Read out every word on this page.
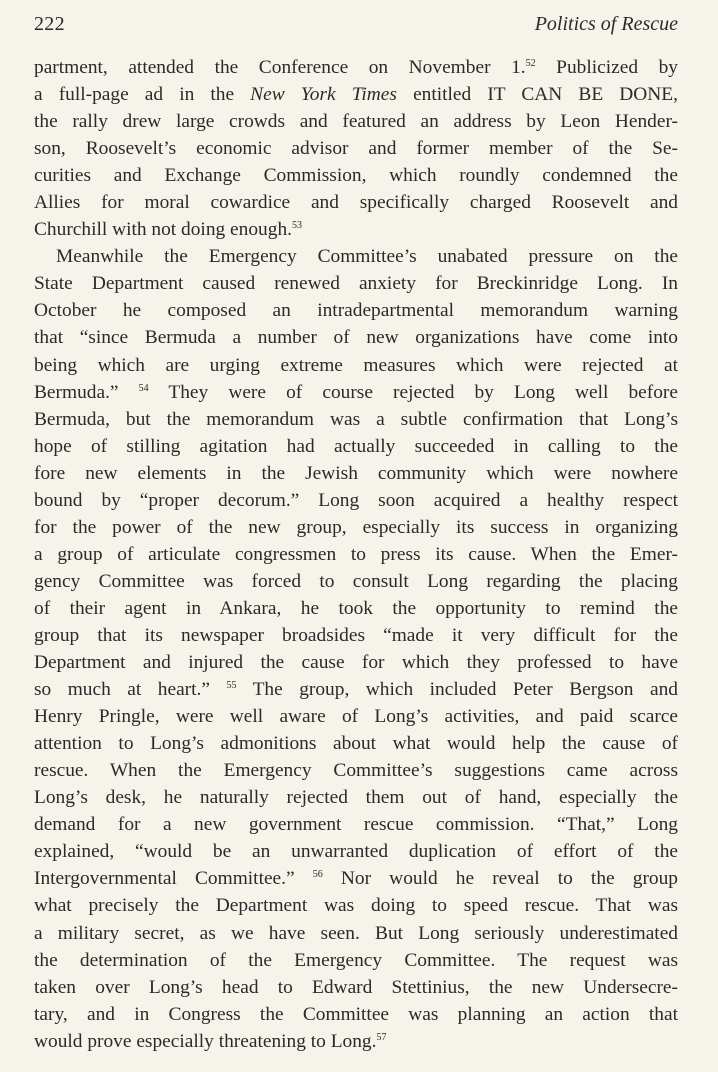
222	Politics of Rescue
partment, attended the Conference on November 1.52 Publicized by
a full-page ad in the New York Times entitled IT CAN BE DONE,
the rally drew large crowds and featured an address by Leon Hender-
son, Roosevelt’s economic advisor and former member of the Se-
curities and Exchange Commission, which roundly condemned the
Allies for moral cowardice and specifically charged Roosevelt and
Churchill with not doing enough.$^{53}$
Meanwhile the Emergency Committee’s unabated pressure on the
State Department caused renewed anxiety for Breckinridge Long. In
October he composed an intradepartmental memorandum warning
that “since Bermuda a number of new organizations have come into
being which are urging extreme measures which were rejected at
Bermuda.” $^{54}$ They were of course rejected by Long well before
Bermuda, but the memorandum was a subtle confirmation that Long’s
hope of stilling agitation had actually succeeded in calling to the
fore new elements in the Jewish community which were nowhere
bound by “proper decorum.” Long soon acquired a healthy respect
for the power of the new group, especially its success in organizing
a group of articulate congressmen to press its cause. When the Emer-
gency Committee was forced to consult Long regarding the placing
of their agent in Ankara, he took the opportunity to remind the
group that its newspaper broadsides “made it very difficult for the
Department and injured the cause for which they professed to have
so much at heart.” $^{55}$ The group, which included Peter Bergson and
Henry Pringle, were well aware of Long’s activities, and paid scarce
attention to Long’s admonitions about what would help the cause of
rescue. When the Emergency Committee’s suggestions came across
Long’s desk, he naturally rejected them out of hand, especially the
demand for a new government rescue commission. “That,” Long
explained, “would be an unwarranted duplication of effort of the
Intergovernmental Committee.” $^{56}$ Nor would he reveal to the group
what precisely the Department was doing to speed rescue. That was
a military secret, as we have seen. But Long seriously underestimated
the determination of the Emergency Committee. The request was
taken over Long’s head to Edward Stettinius, the new Undersecre-
tary, and in Congress the Committee was planning an action that
would prove especially threatening to Long.$^{57}$
